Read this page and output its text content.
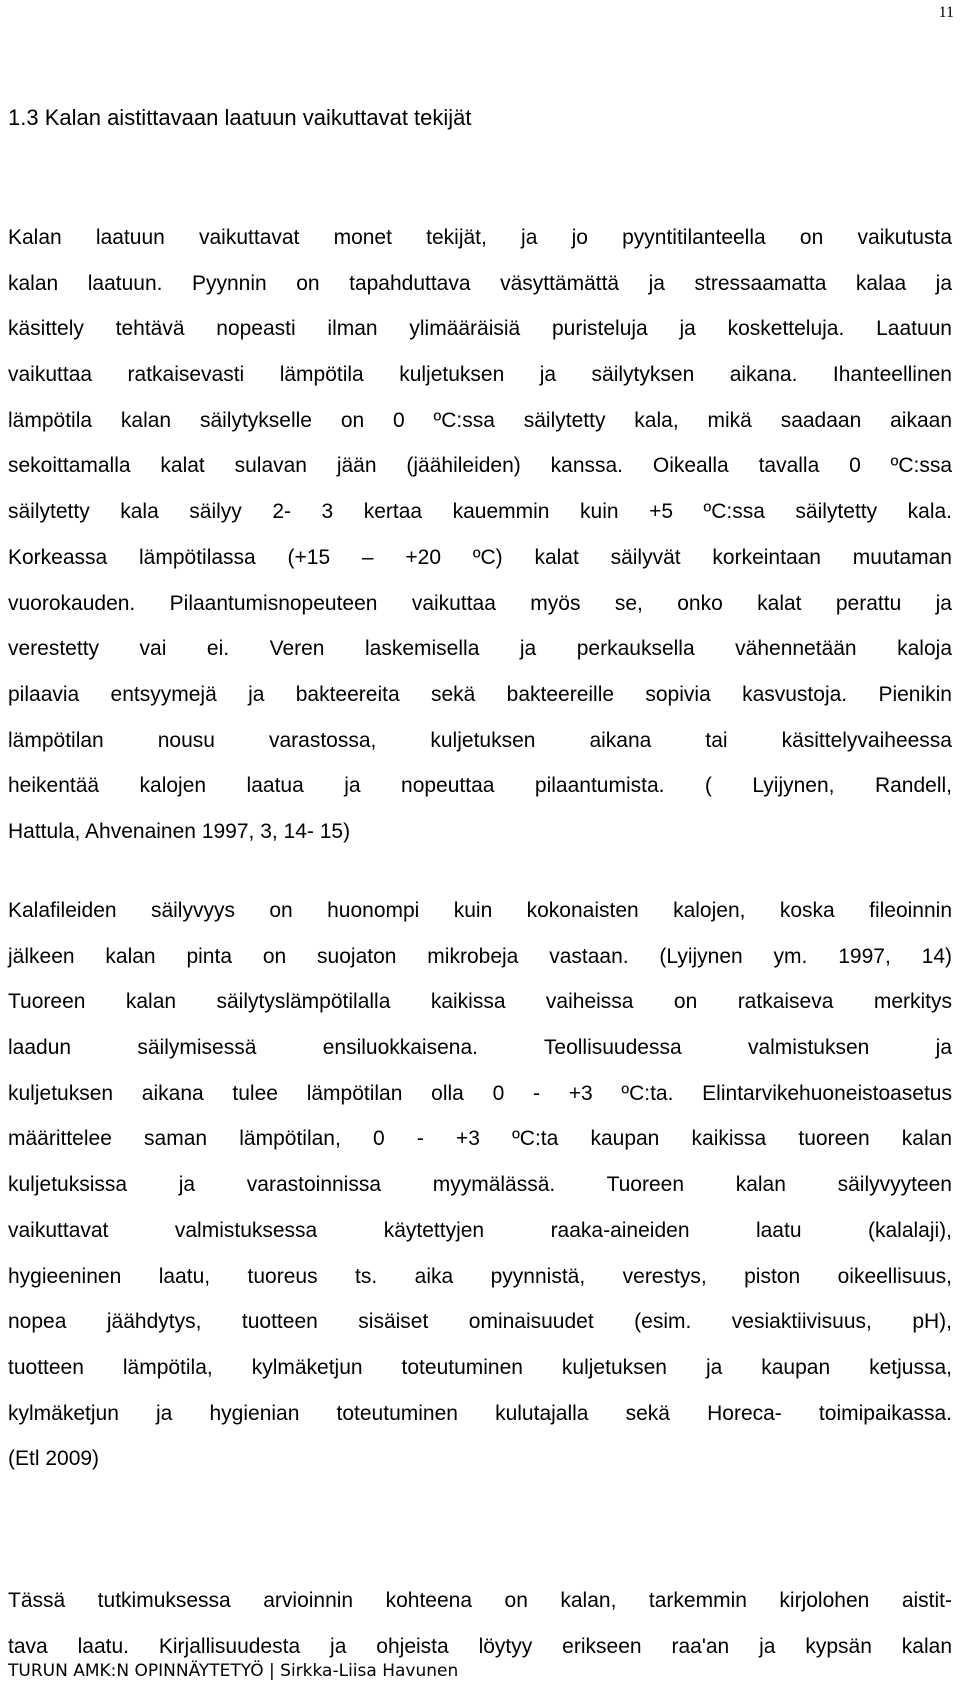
11
1.3 Kalan aistittavaan laatuun vaikuttavat tekijät
Kalan laatuun vaikuttavat monet tekijät, ja jo pyyntitilanteella on vaikutusta
kalan laatuun. Pyynnin on tapahduttava väsyttämättä ja stressaamatta kalaa ja
käsittely tehtävä nopeasti ilman ylimääräisiä puristeluja ja kosketteluja. Laatuun
vaikuttaa ratkaisevasti lämpötila kuljetuksen ja säilytyksen aikana. Ihanteellinen
lämpötila kalan säilytykselle on 0 ºC:ssa säilytetty kala, mikä saadaan aikaan
sekoittamalla kalat sulavan jään (jäähileiden) kanssa. Oikealla tavalla 0 ºC:ssa
säilytetty kala säilyy 2- 3 kertaa kauemmin kuin +5 ºC:ssa säilytetty kala.
Korkeassa lämpötilassa (+15 – +20 ºC) kalat säilyvät korkeintaan muutaman
vuorokauden. Pilaantumisnopeuteen vaikuttaa myös se, onko kalat perattu ja
verestetty vai ei. Veren laskemisella ja perkauksella vähennetään kaloja
pilaavia entsyymejä ja bakteereita sekä bakteereille sopivia kasvustoja. Pienikin
lämpötilan nousu varastossa, kuljetuksen aikana tai käsittelyvaiheessa
heikentää kalojen laatua ja nopeuttaa pilaantumista. ( Lyijynen, Randell,
Hattula, Ahvenainen 1997, 3, 14- 15)
Kalafileiden säilyvyys on huonompi kuin kokonaisten kalojen, koska fileoinnin
jälkeen kalan pinta on suojaton mikrobeja vastaan. (Lyijynen ym. 1997, 14)
Tuoreen kalan säilytyslämpötilalla kaikissa vaiheissa on ratkaiseva merkitys
laadun säilymisessä ensiluokkaisena. Teollisuudessa valmistuksen ja
kuljetuksen aikana tulee lämpötilan olla 0 - +3 ºC:ta. Elintarvikehuoneistoasetus
määrittelee saman lämpötilan, 0 - +3 ºC:ta kaupan kaikissa tuoreen kalan
kuljetuksissa ja varastoinnissa myymälässä. Tuoreen kalan säilyvyyteen
vaikuttavat valmistuksessa käytettyjen raaka-aineiden laatu (kalalaji),
hygieeninen laatu, tuoreus ts. aika pyynnistä, verestys, piston oikeellisuus,
nopea jäähdytys, tuotteen sisäiset ominaisuudet (esim. vesiaktiivisuus, pH),
tuotteen lämpötila, kylmäketjun toteutuminen kuljetuksen ja kaupan ketjussa,
kylmäketjun ja hygienian toteutuminen kulutajalla sekä Horeca- toimipaikassa.
(Etl 2009)
Tässä tutkimuksessa arvioinnin kohteena on kalan, tarkemmin kirjolohen aistit-
tava laatu. Kirjallisuudesta ja ohjeista löytyy erikseen raa'an ja kypsän kalan
TURUN AMK:N OPINNÄYTETYÖ | Sirkka-Liisa Havunen
